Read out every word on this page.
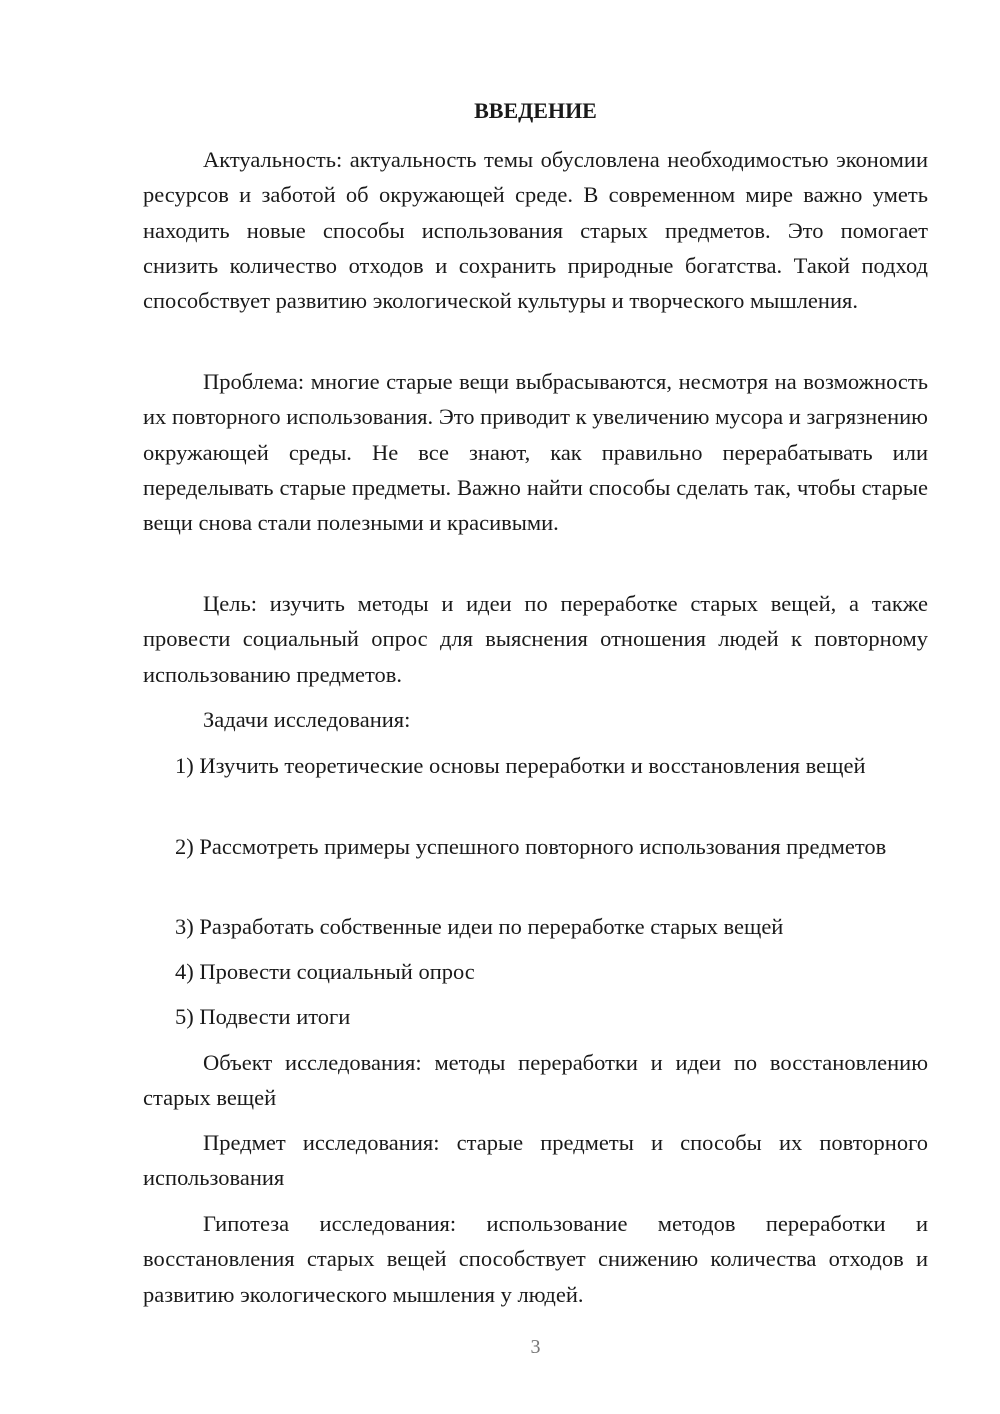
ВВЕДЕНИЕ

Актуальность: актуальность темы обусловлена необходимостью экономии ресурсов и заботой об окружающей среде. В современном мире важно уметь находить новые способы использования старых предметов. Это помогает снизить количество отходов и сохранить природные богатства. Такой подход способствует развитию экологической культуры и творческого мышления.

Проблема: многие старые вещи выбрасываются, несмотря на возможность их повторного использования. Это приводит к увеличению мусора и загрязнению окружающей среды. Не все знают, как правильно перерабатывать или переделывать старые предметы. Важно найти способы сделать так, чтобы старые вещи снова стали полезными и красивыми.

Цель: изучить методы и идеи по переработке старых вещей, а также провести социальный опрос для выяснения отношения людей к повторному использованию предметов.

Задачи исследования:

1) Изучить теоретические основы переработки и восстановления вещей

2) Рассмотреть примеры успешного повторного использования предметов

3) Разработать собственные идеи по переработке старых вещей

4) Провести социальный опрос

5) Подвести итоги

Объект исследования: методы переработки и идеи по восстановлению старых вещей

Предмет исследования: старые предметы и способы их повторного использования

Гипотеза исследования: использование методов переработки и восстановления старых вещей способствует снижению количества отходов и развитию экологического мышления у людей.

3
